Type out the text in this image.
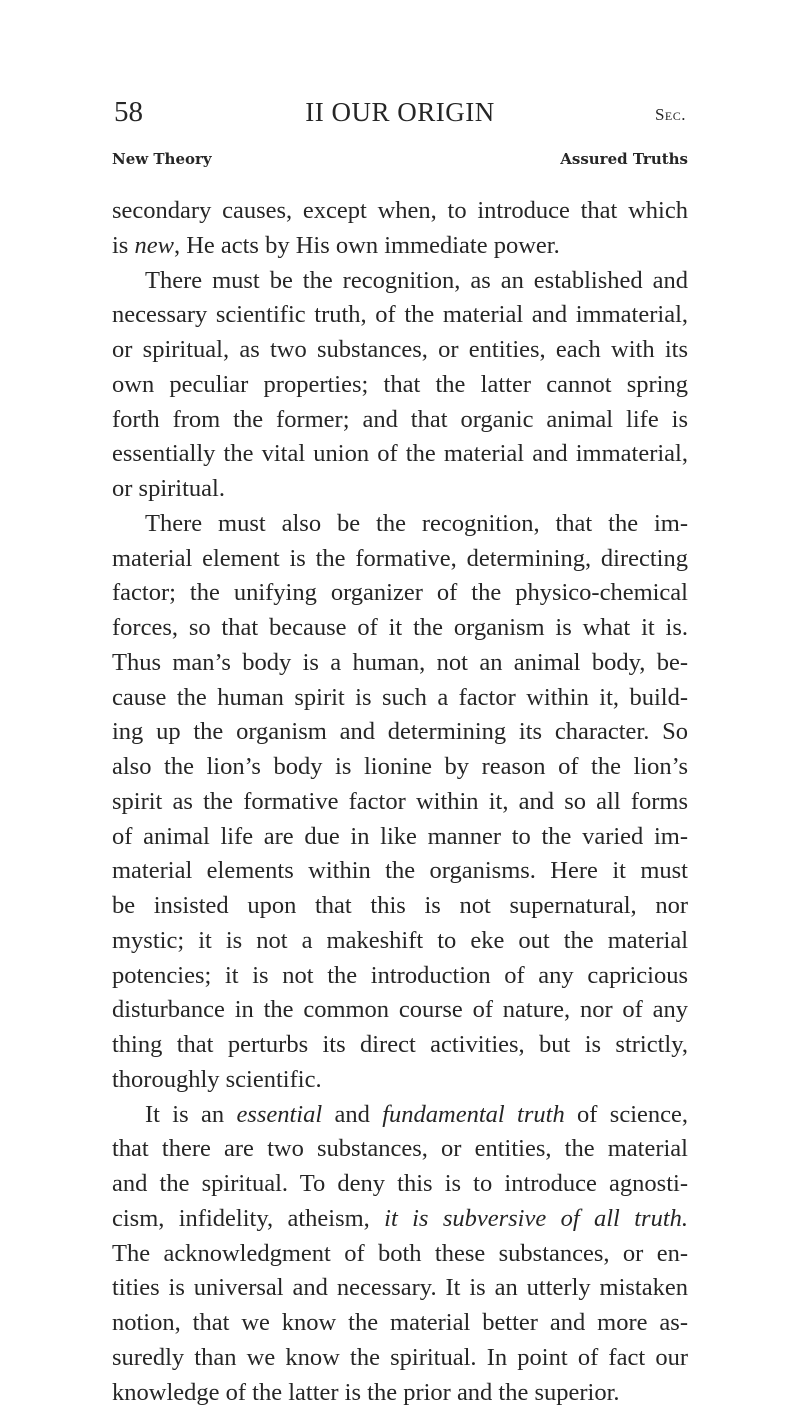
58	II OUR ORIGIN	Sec.
New Theory	Assured Truths
secondary causes, except when, to introduce that which
is new, He acts by His own immediate power.
There must be the recognition, as an established and
necessary scientific truth, of the material and immaterial,
or spiritual, as two substances, or entities, each with its
own peculiar properties; that the latter cannot spring
forth from the former; and that organic animal life is
essentially the vital union of the material and immaterial,
or spiritual.
There must also be the recognition, that the im-
material element is the formative, determining, directing
factor; the unifying organizer of the physico-chemical
forces, so that because of it the organism is what it is.
Thus man’s body is a human, not an animal body, be-
cause the human spirit is such a factor within it, build-
ing up the organism and determining its character. So
also the lion’s body is lionine by reason of the lion’s
spirit as the formative factor within it, and so all forms
of animal life are due in like manner to the varied im-
material elements within the organisms. Here it must
be insisted upon that this is not supernatural, nor
mystic; it is not a makeshift to eke out the material
potencies; it is not the introduction of any capricious
disturbance in the common course of nature, nor of any
thing that perturbs its direct activities, but is strictly,
thoroughly scientific.
It is an essential and fundamental truth of science,
that there are two substances, or entities, the material
and the spiritual. To deny this is to introduce agnosti-
cism, infidelity, atheism, it is subversive of all truth.
The acknowledgment of both these substances, or en-
tities is universal and necessary. It is an utterly mistaken
notion, that we know the material better and more as-
suredly than we know the spiritual. In point of fact our
knowledge of the latter is the prior and the superior.
